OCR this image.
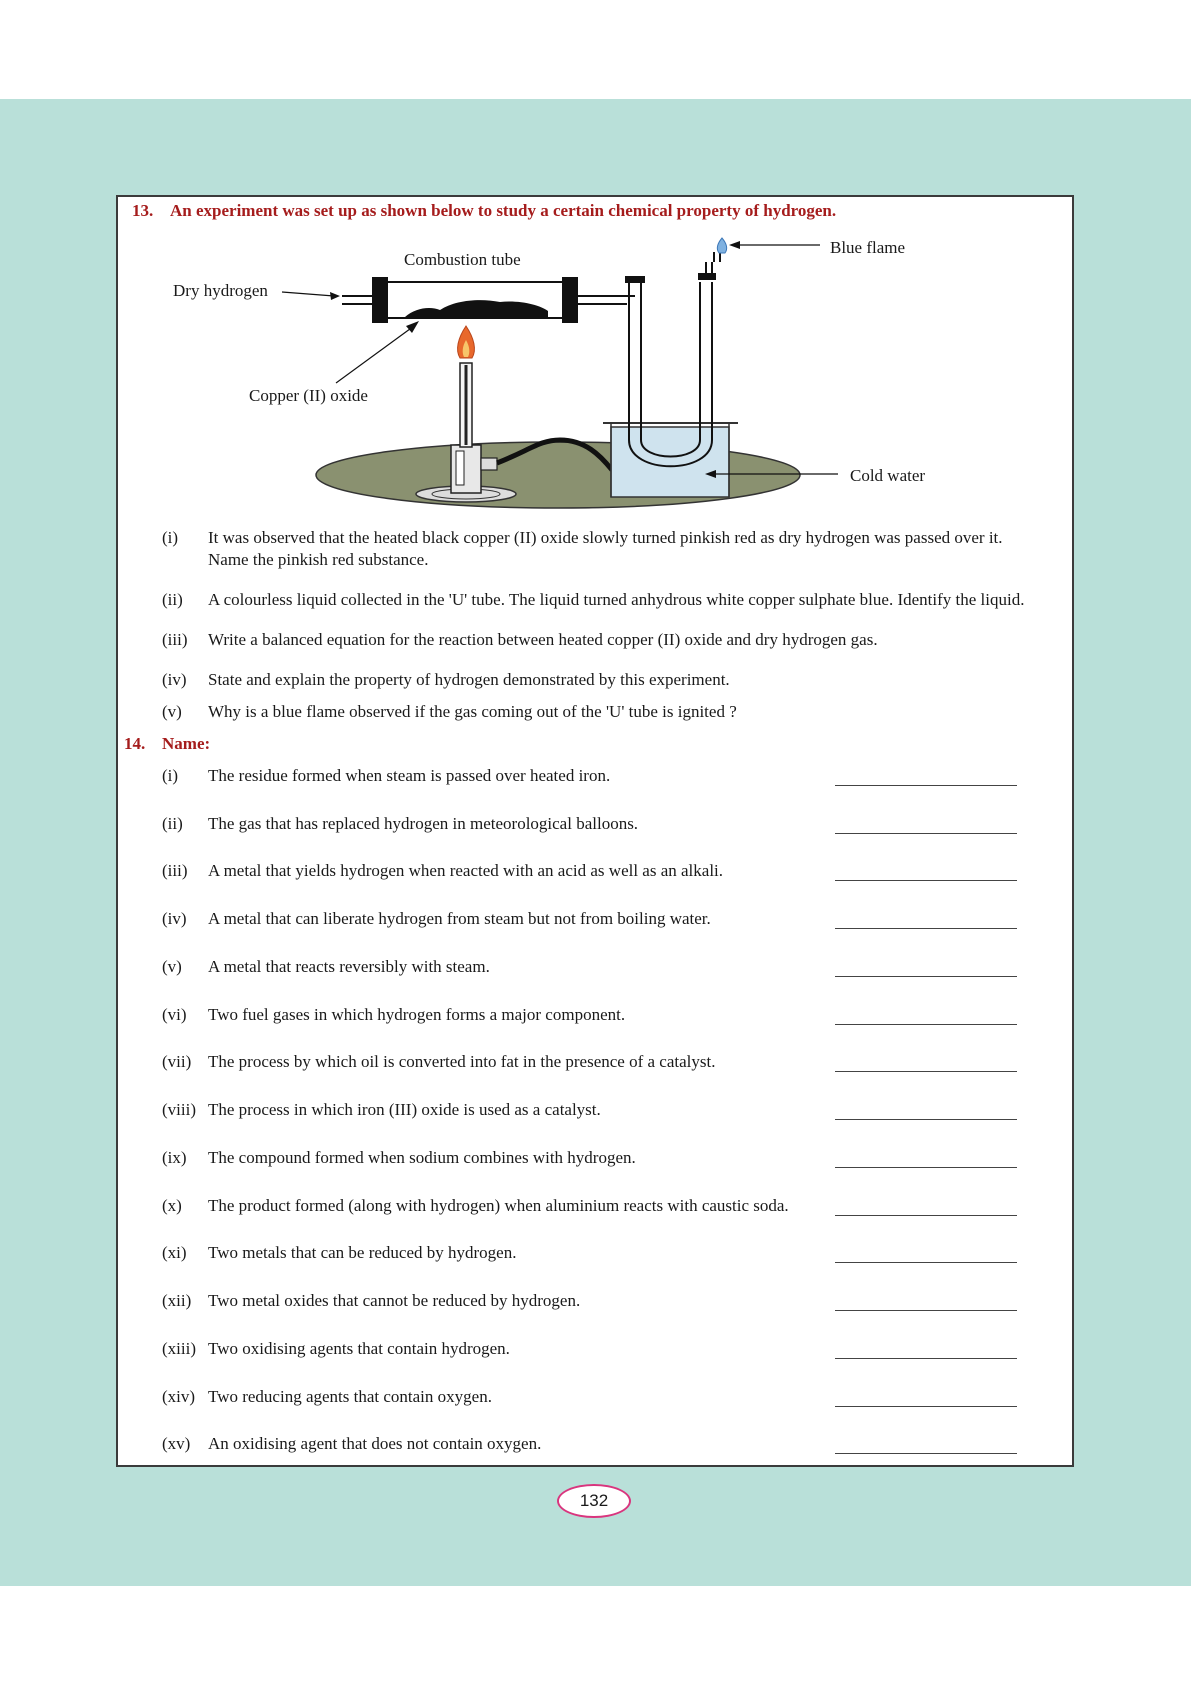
13. An experiment was set up as shown below to study a certain chemical property of hydrogen.
Combustion tube
Dry hydrogen
Copper (II) oxide
Blue flame
Cold water
(i)	It was observed that the heated black copper (II) oxide slowly turned pinkish red as dry hydrogen was passed over it.
Name the pinkish red substance.
(ii)	A colourless liquid collected in the 'U' tube. The liquid turned anhydrous white copper sulphate blue. Identify the liquid.
(iii)	Write a balanced equation for the reaction between heated copper (II) oxide and dry hydrogen gas.
(iv)	State and explain the property of hydrogen demonstrated by this experiment.
(v)	Why is a blue flame observed if the gas coming out of the 'U' tube is ignited ?
14. Name:
(i)	The residue formed when steam is passed over heated iron.
(ii)	The gas that has replaced hydrogen in meteorological balloons.
(iii)	A metal that yields hydrogen when reacted with an acid as well as an alkali.
(iv)	A metal that can liberate hydrogen from steam but not from boiling water.
(v)	A metal that reacts reversibly with steam.
(vi)	Two fuel gases in which hydrogen forms a major component.
(vii) The process by which oil is converted into fat in the presence of a catalyst.
(viii) The process in which iron (III) oxide is used as a catalyst.
(ix)	The compound formed when sodium combines with hydrogen.
(x)	The product formed (along with hydrogen) when aluminium reacts with caustic soda.
(xi)	Two metals that can be reduced by hydrogen.
(xii) Two metal oxides that cannot be reduced by hydrogen.
(xiii) Two oxidising agents that contain hydrogen.
(xiv) Two reducing agents that contain oxygen.
(xv)	An oxidising agent that does not contain oxygen.
132
